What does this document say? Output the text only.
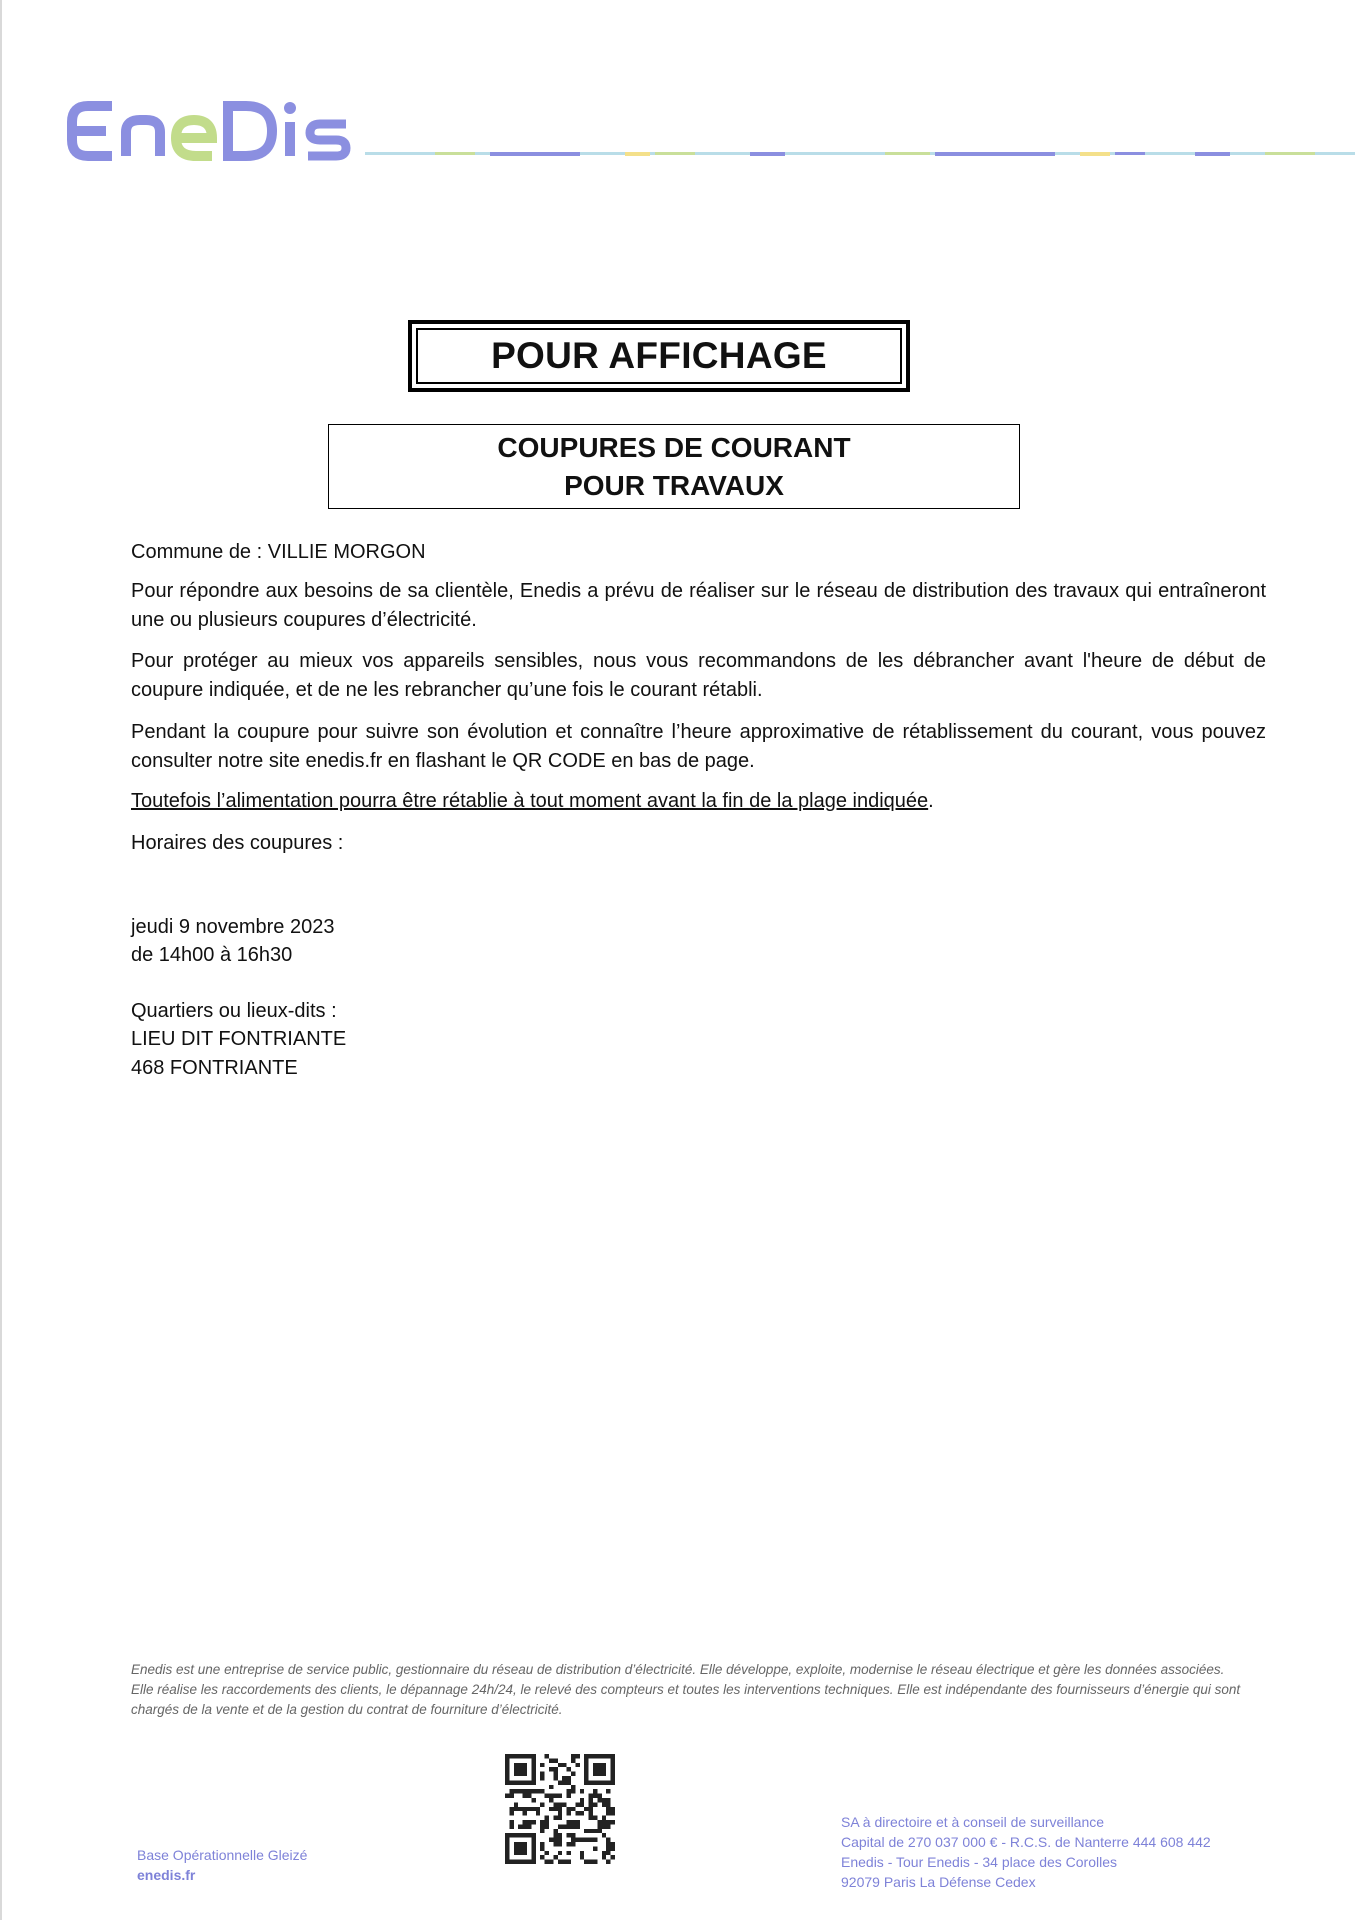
POUR AFFICHAGE
COUPURES DE COURANT
POUR TRAVAUX
Commune de : VILLIE MORGON

Pour répondre aux besoins de sa clientèle, Enedis a prévu de réaliser sur le réseau de distribution des travaux qui entraîneront une ou plusieurs coupures d’électricité.

Pour protéger au mieux vos appareils sensibles, nous vous recommandons de les débrancher avant l'heure de début de coupure indiquée, et de ne les rebrancher qu’une fois le courant rétabli.

Pendant la coupure pour suivre son évolution et connaître l’heure approximative de rétablissement du courant, vous pouvez consulter notre site enedis.fr en flashant le QR CODE en bas de page.

Toutefois l’alimentation pourra être rétablie à tout moment avant la fin de la plage indiquée.
Horaires des coupures :
jeudi 9 novembre 2023
de 14h00 à 16h30
Quartiers ou lieux-dits :
LIEU DIT FONTRIANTE
468 FONTRIANTE
Enedis est une entreprise de service public, gestionnaire du réseau de distribution d’électricité. Elle développe, exploite, modernise le réseau électrique et gère les données associées. Elle réalise les raccordements des clients, le dépannage 24h/24, le relevé des compteurs et toutes les interventions techniques. Elle est indépendante des fournisseurs d’énergie qui sont chargés de la vente et de la gestion du contrat de fourniture d’électricité.
Base Opérationnelle Gleizé
enedis.fr
SA à directoire et à conseil de surveillance
Capital de 270 037 000 € - R.C.S. de Nanterre 444 608 442
Enedis - Tour Enedis - 34 place des Corolles
92079 Paris La Défense Cedex
